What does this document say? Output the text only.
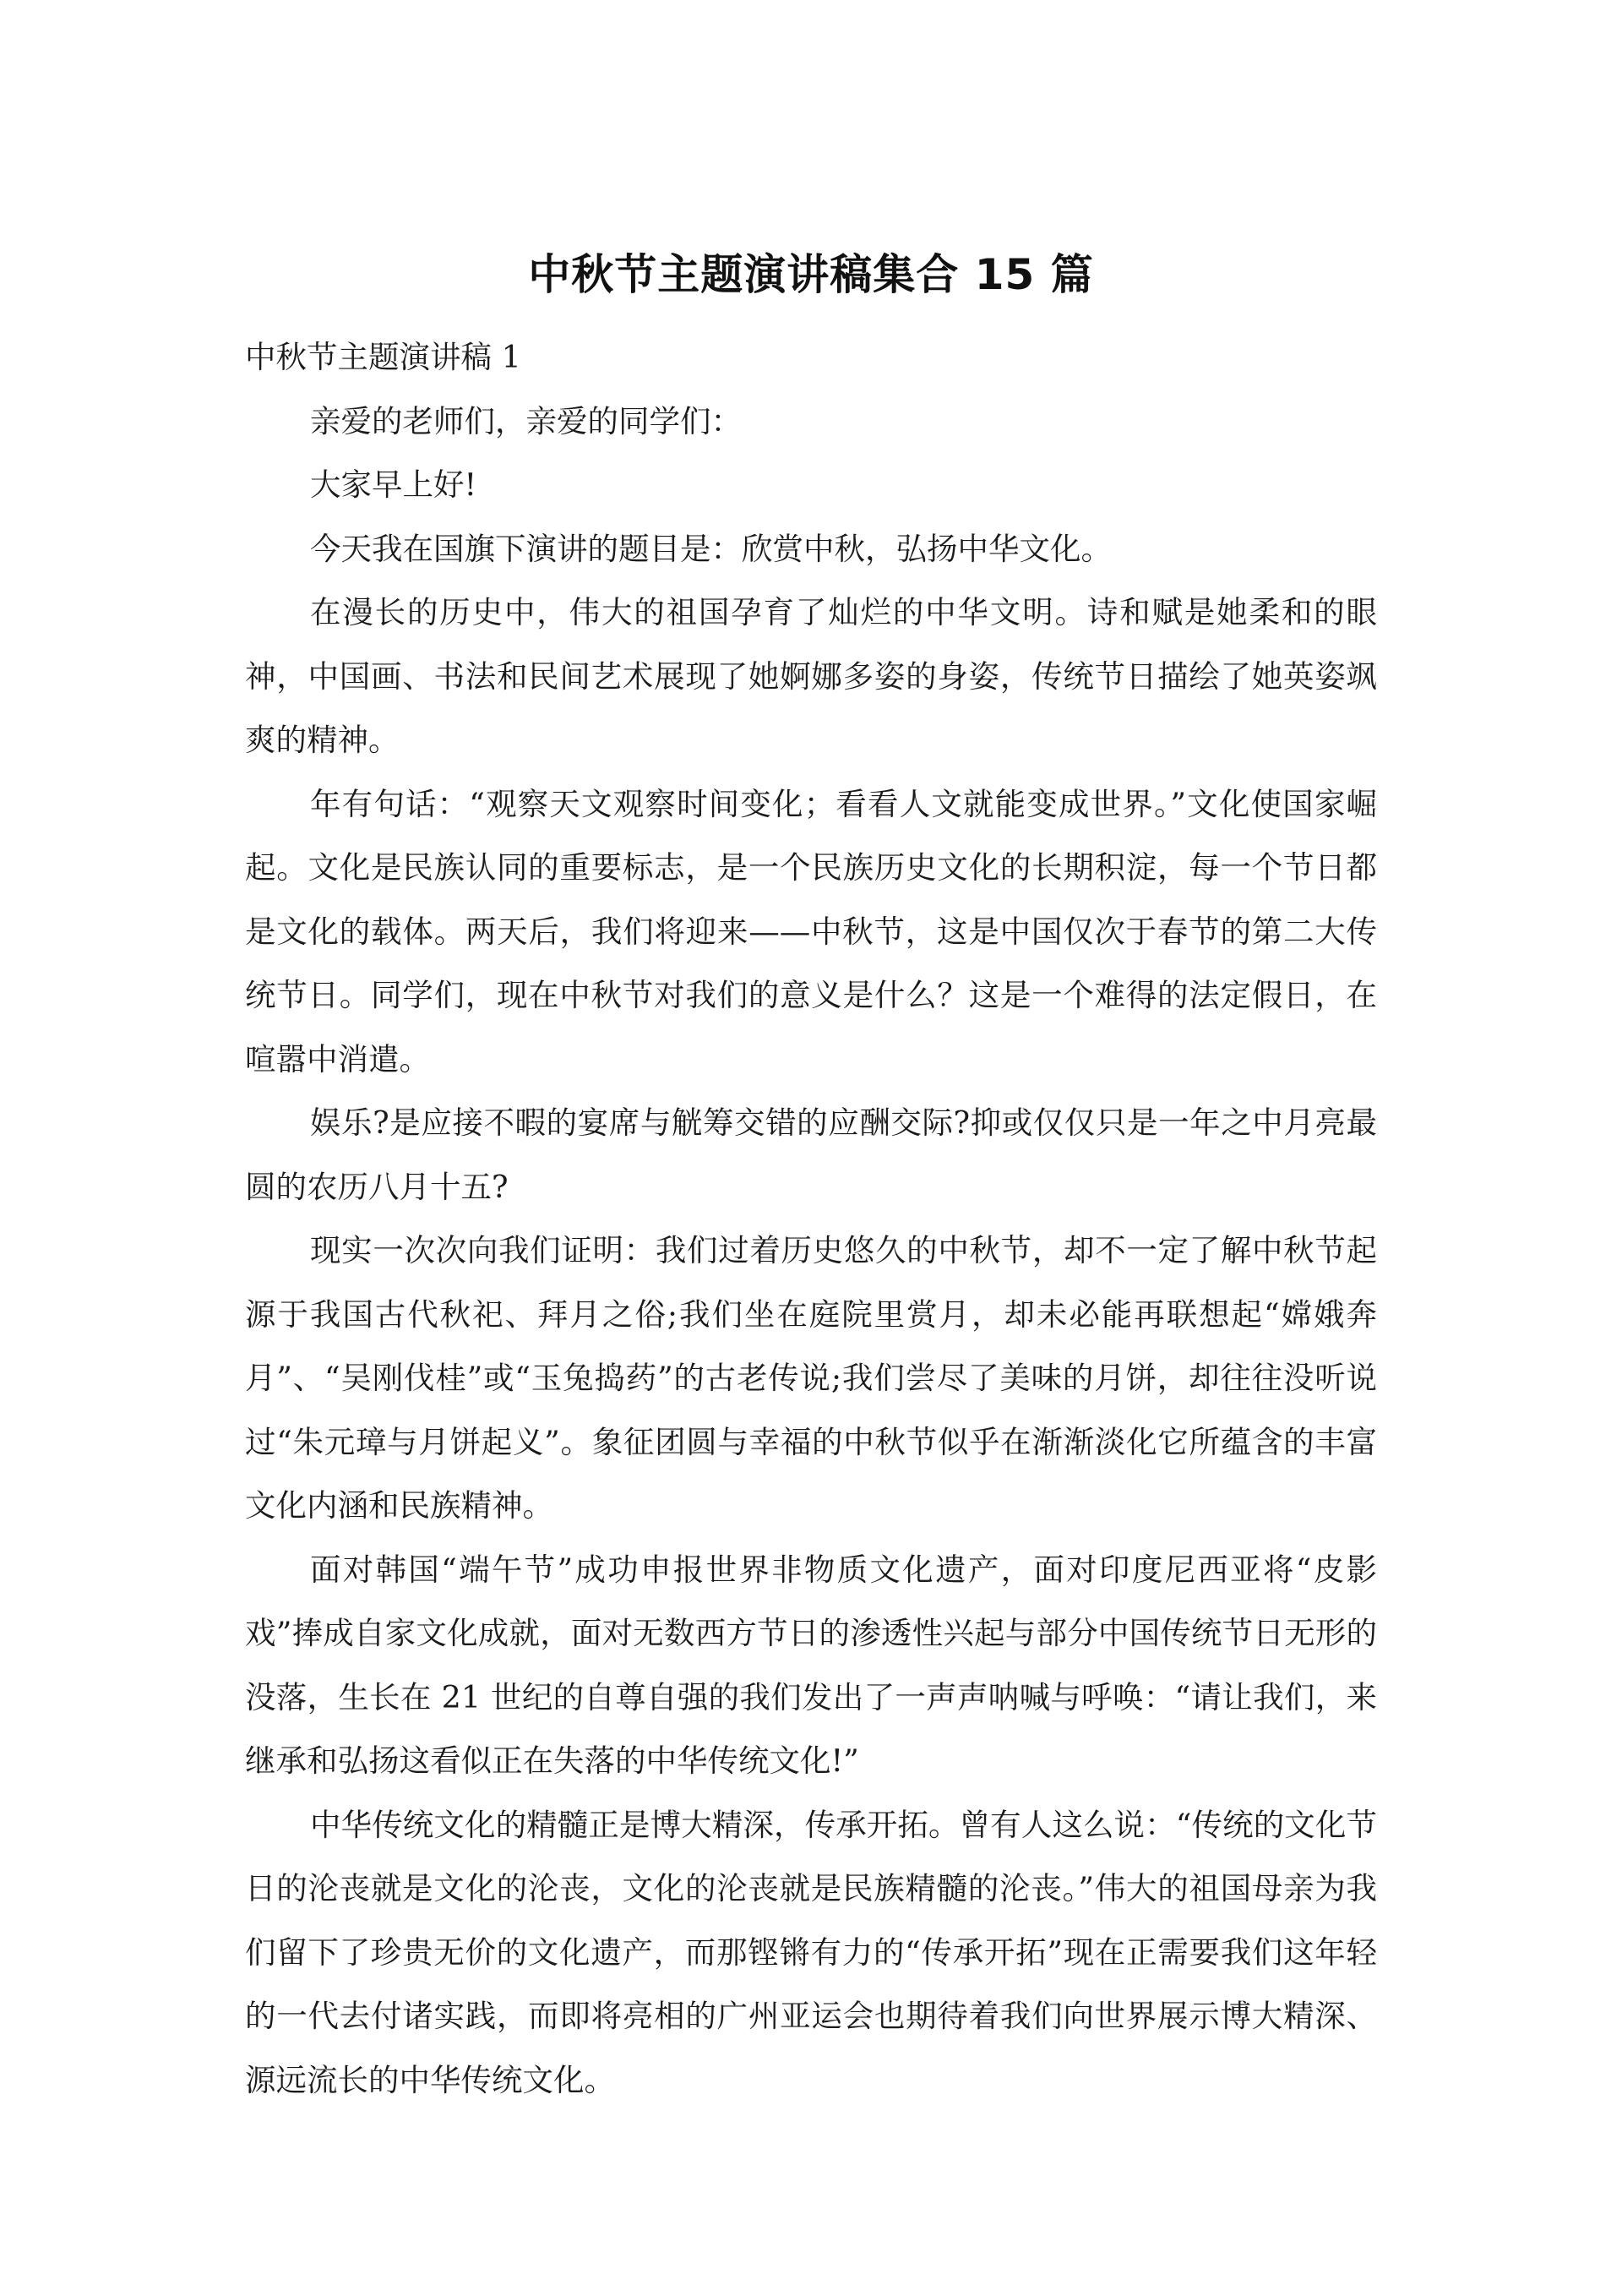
中秋节主题演讲稿集合 15 篇

中秋节主题演讲稿 1

亲爱的老师们，亲爱的同学们：

大家早上好!

今天我在国旗下演讲的题目是：欣赏中秋，弘扬中华文化。

在漫长的历史中，伟大的祖国孕育了灿烂的中华文明。诗和赋是她柔和的眼神，中国画、书法和民间艺术展现了她婀娜多姿的身姿，传统节日描绘了她英姿飒爽的精神。

年有句话：“观察天文观察时间变化；看看人文就能变成世界。”文化使国家崛起。文化是民族认同的重要标志，是一个民族历史文化的长期积淀，每一个节日都是文化的载体。两天后，我们将迎来——中秋节，这是中国仅次于春节的第二大传统节日。同学们，现在中秋节对我们的意义是什么？这是一个难得的法定假日，在喧嚣中消遣。

娱乐?是应接不暇的宴席与觥筹交错的应酬交际?抑或仅仅只是一年之中月亮最圆的农历八月十五?

现实一次次向我们证明：我们过着历史悠久的中秋节，却不一定了解中秋节起源于我国古代秋祀、拜月之俗;我们坐在庭院里赏月，却未必能再联想起“嫦娥奔月”、“吴刚伐桂”或“玉兔捣药”的古老传说;我们尝尽了美味的月饼，却往往没听说过“朱元璋与月饼起义”。象征团圆与幸福的中秋节似乎在渐渐淡化它所蕴含的丰富文化内涵和民族精神。

面对韩国“端午节”成功申报世界非物质文化遗产，面对印度尼西亚将“皮影戏”捧成自家文化成就，面对无数西方节日的渗透性兴起与部分中国传统节日无形的没落，生长在 21 世纪的自尊自强的我们发出了一声声呐喊与呼唤：“请让我们，来继承和弘扬这看似正在失落的中华传统文化!”

中华传统文化的精髓正是博大精深，传承开拓。曾有人这么说：“传统的文化节日的沦丧就是文化的沦丧，文化的沦丧就是民族精髓的沦丧。”伟大的祖国母亲为我们留下了珍贵无价的文化遗产，而那铿锵有力的“传承开拓”现在正需要我们这年轻的一代去付诸实践，而即将亮相的广州亚运会也期待着我们向世界展示博大精深、源远流长的中华传统文化。
